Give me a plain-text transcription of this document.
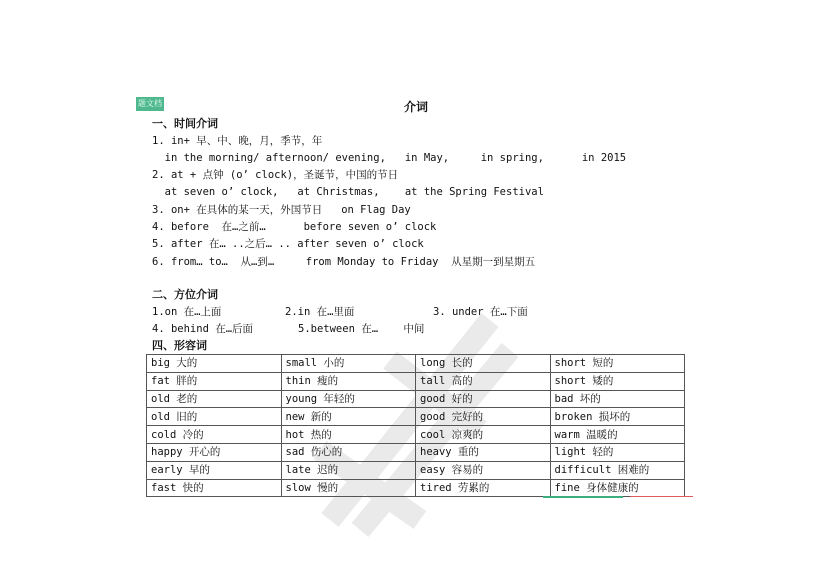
题文档	介词
一、时间介词
1. in+ 早、中、晚，月，季节，年
in the morning/ afternoon/ evening,   in May,     in spring,      in 2015
2. at + 点钟 (o’ clock)，圣诞节，中国的节日
at seven o’ clock,   at Christmas,    at the Spring Festival
3. on+ 在具体的某一天，外国节日   on Flag Day
4. before  在…之前…      before seven o’ clock
5. after 在… ..之后… .. after seven o’ clock
6. from… to…  从…到…     from Monday to Friday  从星期一到星期五
二、方位介词
1.on 在…上面	2.in 在…里面	3. under 在…下面
4. behind 在…后面	5.between 在…    中间
四、形容词
big 大的	small 小的	long 长的	short 短的
fat 胖的	thin 瘦的	tall 高的	short 矮的
old 老的	young 年轻的	good 好的	bad 坏的
old 旧的	new 新的	good 完好的	broken 损坏的
cold 冷的	hot 热的	cool 凉爽的	warm 温暖的
happy 开心的	sad 伤心的	heavy 重的	light 轻的
early 早的	late 迟的	easy 容易的	difficult 困难的
fast 快的	slow 慢的	tired 劳累的	fine 身体健康的
